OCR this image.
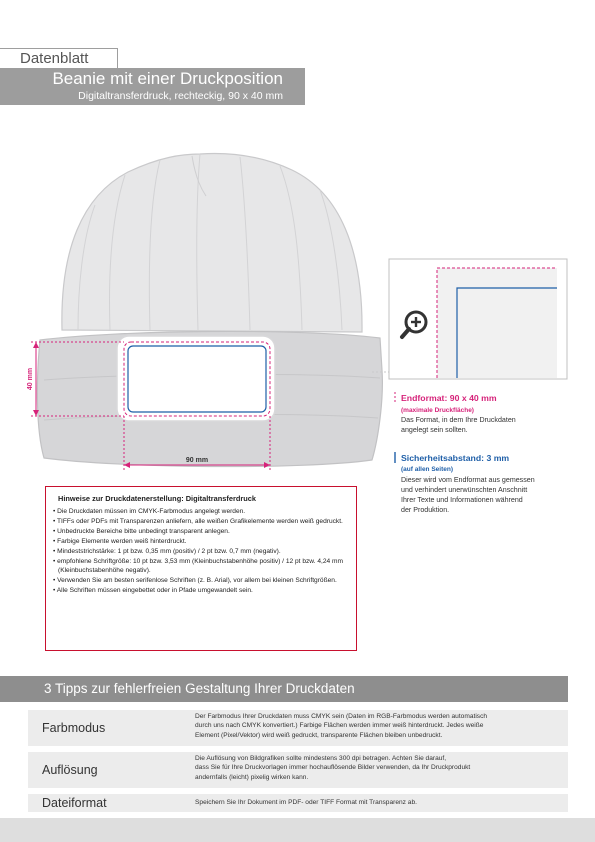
Datenblatt
Beanie mit einer Druckposition
Digitaltransferdruck, rechteckig, 90 x 40 mm
40 mm
90 mm
Endformat: 90 x 40 mm
(maximale Druckfläche)
Das Format, in dem Ihre Druckdaten
angelegt sein sollten.
Sicherheitsabstand: 3 mm
(auf allen Seiten)
Dieser wird vom Endformat aus gemessen
und verhindert unerwünschten Anschnitt
Ihrer Texte und Informationen während
der Produktion.
Hinweise zur Druckdatenerstellung: Digitaltransferdruck
• Die Druckdaten müssen im CMYK-Farbmodus angelegt werden.
• TIFFs oder PDFs mit Transparenzen anliefern, alle weißen Grafikelemente werden weiß gedruckt.
• Unbedruckte Bereiche bitte unbedingt transparent anlegen.
• Farbige Elemente werden weiß hinterdruckt.
• Mindeststrichstärke: 1 pt bzw. 0,35 mm (positiv) / 2 pt bzw. 0,7 mm (negativ).
• empfohlene Schriftgröße: 10 pt bzw. 3,53 mm (Kleinbuchstabenhöhe positiv) / 12 pt bzw. 4,24 mm (Kleinbuchstabenhöhe negativ).
• Verwenden Sie am besten serifenlose Schriften (z. B. Arial), vor allem bei kleinen Schriftgrößen.
• Alle Schriften müssen eingebettet oder in Pfade umgewandelt sein.
3 Tipps zur fehlerfreien Gestaltung Ihrer Druckdaten
Farbmodus
Der Farbmodus Ihrer Druckdaten muss CMYK sein (Daten im RGB-Farbmodus werden automatisch
durch uns nach CMYK konvertiert.) Farbige Flächen werden immer weiß hinterdruckt. Jedes weiße
Element (Pixel/Vektor) wird weiß gedruckt, transparente Flächen bleiben unbedruckt.
Auflösung
Die Auflösung von Bildgrafiken sollte mindestens 300 dpi betragen. Achten Sie darauf,
dass Sie für Ihre Druckvorlagen immer hochauflösende Bilder verwenden, da Ihr Druckprodukt
andernfalls (leicht) pixelig wirken kann.
Dateiformat	Speichern Sie Ihr Dokument im PDF- oder TIFF Format mit Transparenz ab.
